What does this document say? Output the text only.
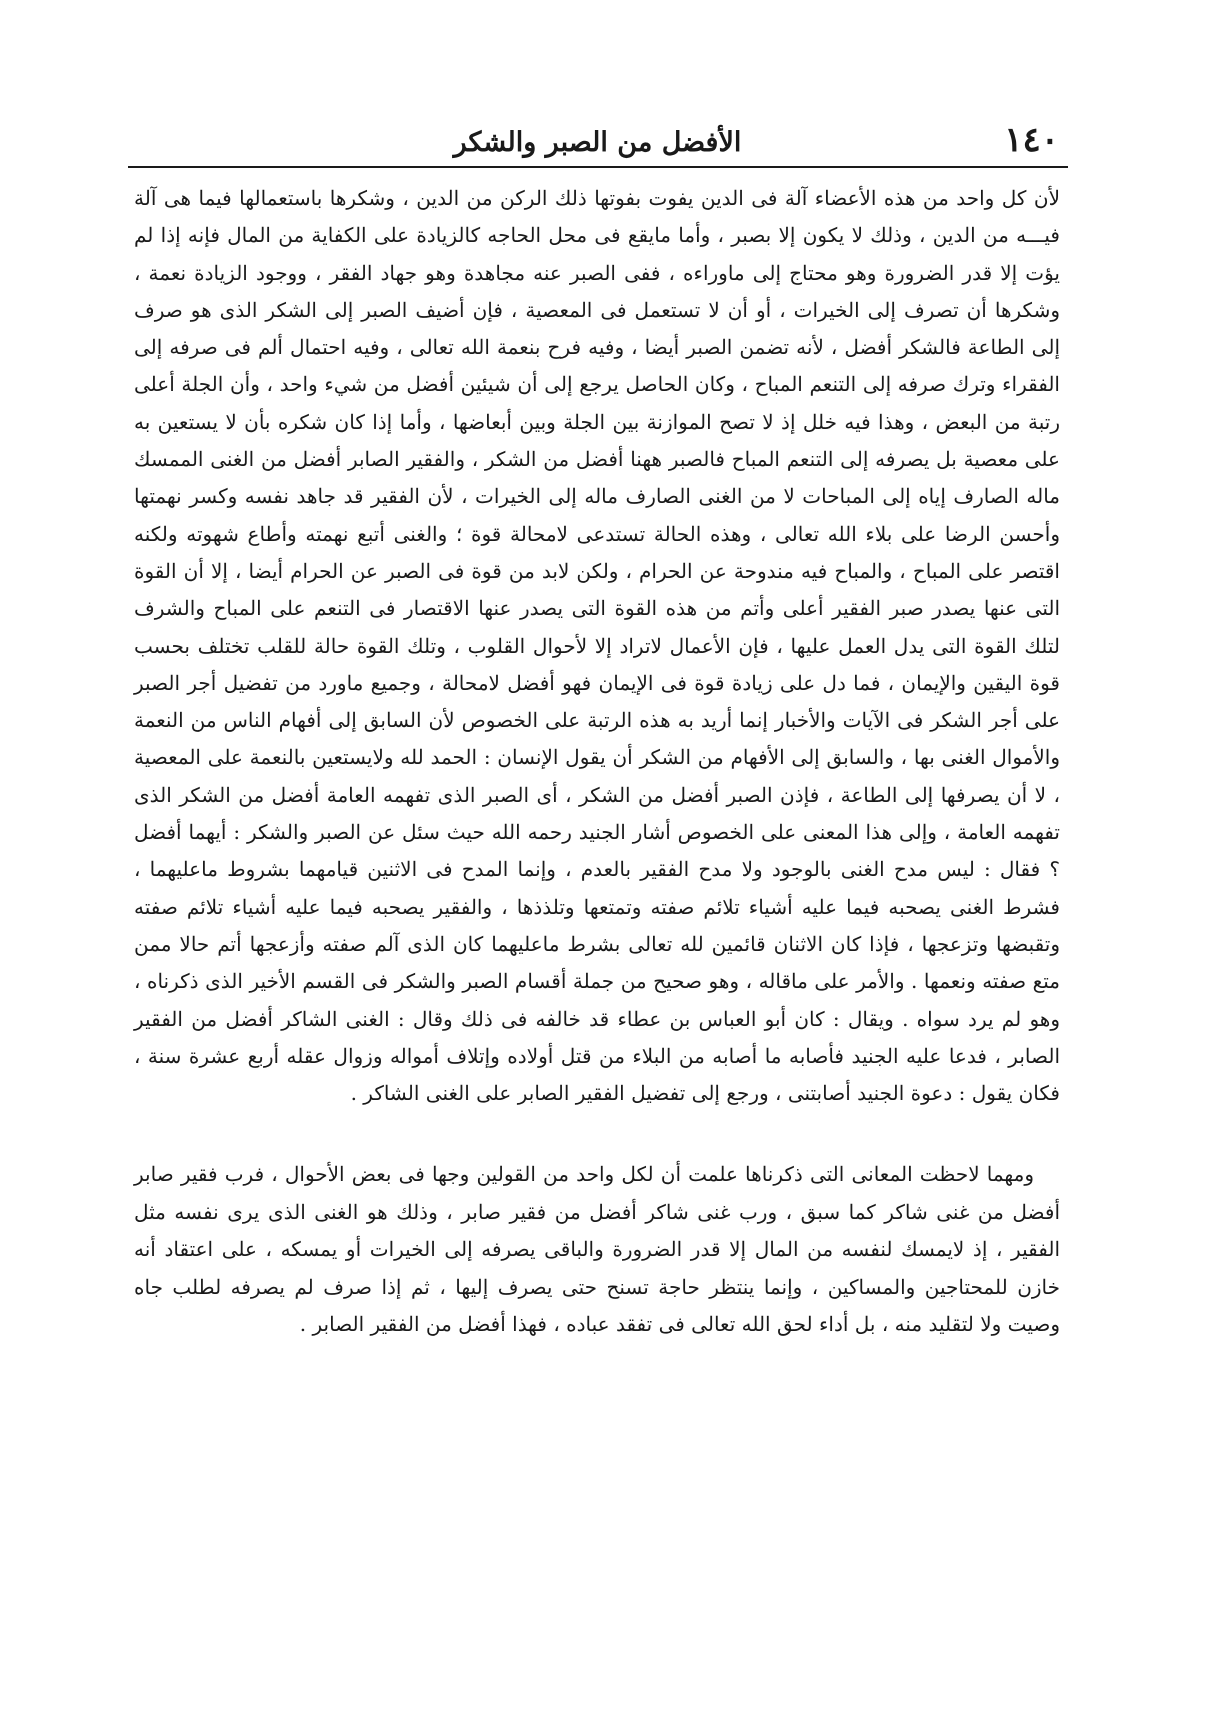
١٤٠
الأفضل من الصبر والشكر

لأن كل واحد من هذه الأعضاء آلة فى الدين يفوت بفوتها ذلك الركن من الدين ، وشكرها باستعمالها فيما هى آلة فيـــه من الدين ، وذلك لا يكون إلا بصبر ، وأما مايقع فى محل الحاجه كالزيادة على الكفاية من المال فإنه إذا لم يؤت إلا قدر الضرورة وهو محتاج إلى ماوراءه ، ففى الصبر عنه مجاهدة وهو جهاد الفقر ، ووجود الزيادة نعمة ، وشكرها أن تصرف إلى الخيرات ، أو أن لا تستعمل فى المعصية ، فإن أضيف الصبر إلى الشكر الذى هو صرف إلى الطاعة فالشكر أفضل ، لأنه تضمن الصبر أيضا ، وفيه فرح بنعمة الله تعالى ، وفيه احتمال ألم فى صرفه إلى الفقراء وترك صرفه إلى التنعم المباح ، وكان الحاصل يرجع إلى أن شيئين أفضل من شيء واحد ، وأن الجلة أعلى رتبة من البعض ، وهذا فيه خلل إذ لا تصح الموازنة بين الجلة وبين أبعاضها ، وأما إذا كان شكره بأن لا يستعين به على معصية بل يصرفه إلى التنعم المباح فالصبر ههنا أفضل من الشكر ، والفقير الصابر أفضل من الغنى الممسك ماله الصارف إياه إلى المباحات لا من الغنى الصارف ماله إلى الخيرات ، لأن الفقير قد جاهد نفسه وكسر نهمتها وأحسن الرضا على بلاء الله تعالى ، وهذه الحالة تستدعى لامحالة قوة ؛ والغنى أتبع نهمته وأطاع شهوته ولكنه اقتصر على المباح ، والمباح فيه مندوحة عن الحرام ، ولكن لابد من قوة فى الصبر عن الحرام أيضا ، إلا أن القوة التى عنها يصدر صبر الفقير أعلى وأتم من هذه القوة التى يصدر عنها الاقتصار فى التنعم على المباح والشرف لتلك القوة التى يدل العمل عليها ، فإن الأعمال لاتراد إلا لأحوال القلوب ، وتلك القوة حالة للقلب تختلف بحسب قوة اليقين والإيمان ، فما دل على زيادة قوة فى الإيمان فهو أفضل لامحالة ، وجميع ماورد من تفضيل أجر الصبر على أجر الشكر فى الآيات والأخبار إنما أريد به هذه الرتبة على الخصوص لأن السابق إلى أفهام الناس من النعمة والأموال الغنى بها ، والسابق إلى الأفهام من الشكر أن يقول الإنسان : الحمد لله ولايستعين بالنعمة على المعصية ، لا أن يصرفها إلى الطاعة ، فإذن الصبر أفضل من الشكر ، أى الصبر الذى تفهمه العامة أفضل من الشكر الذى تفهمه العامة ، وإلى هذا المعنى على الخصوص أشار الجنيد رحمه الله حيث سئل عن الصبر والشكر : أيهما أفضل ؟ فقال : ليس مدح الغنى بالوجود ولا مدح الفقير بالعدم ، وإنما المدح فى الاثنين قيامهما بشروط ماعليهما ، فشرط الغنى يصحبه فيما عليه أشياء تلائم صفته وتمتعها وتلذذها ، والفقير يصحبه فيما عليه أشياء تلائم صفته وتقبضها وتزعجها ، فإذا كان الاثنان قائمين لله تعالى بشرط ماعليهما كان الذى آلم صفته وأزعجها أتم حالا ممن متع صفته ونعمها . والأمر على ماقاله ، وهو صحيح من جملة أقسام الصبر والشكر فى القسم الأخير الذى ذكرناه ، وهو لم يرد سواه . ويقال : كان أبو العباس بن عطاء قد خالفه فى ذلك وقال : الغنى الشاكر أفضل من الفقير الصابر ، فدعا عليه الجنيد فأصابه ما أصابه من البلاء من قتل أولاده وإتلاف أمواله وزوال عقله أربع عشرة سنة ، فكان يقول : دعوة الجنيد أصابتنى ، ورجع إلى تفضيل الفقير الصابر على الغنى الشاكر .

ومهما لاحظت المعانى التى ذكرناها علمت أن لكل واحد من القولين وجها فى بعض الأحوال ، فرب فقير صابر أفضل من غنى شاكر كما سبق ، ورب غنى شاكر أفضل من فقير صابر ، وذلك هو الغنى الذى يرى نفسه مثل الفقير ، إذ لايمسك لنفسه من المال إلا قدر الضرورة والباقى يصرفه إلى الخيرات أو يمسكه ، على اعتقاد أنه خازن للمحتاجين والمساكين ، وإنما ينتظر حاجة تسنح حتى يصرف إليها ، ثم إذا صرف لم يصرفه لطلب جاه وصيت ولا لتقليد منه ، بل أداء لحق الله تعالى فى تفقد عباده ، فهذا أفضل من الفقير الصابر .
